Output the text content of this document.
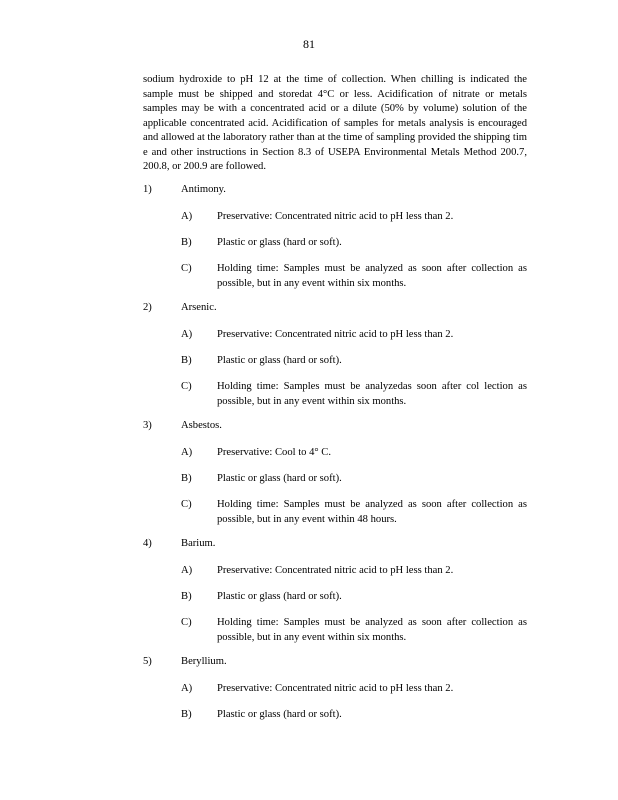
81

sodium hydroxide to pH 12 at the time of collection. When chilling is indicated the sample must be shipped and storedat 4°C or less. Acidification of nitrate or metals samples may be with a concentrated acid or a dilute (50% by volume) solution of the applicable concentrated acid. Acidification of samples for metals analysis is encouraged and allowed at the laboratory rather than at the time of sampling provided the shipping tim e and other instructions in Section 8.3 of USEPA Environmental Metals Method 200.7, 200.8, or 200.9 are followed.

1)	Antimony.
A) Preservative: Concentrated nitric acid to pH less than 2.
B) Plastic or glass (hard or soft).
C) Holding time: Samples must be analyzed as soon after collection as possible, but in any event within six months.
2)	Arsenic.
A) Preservative: Concentrated nitric acid to pH less than 2.
B) Plastic or glass (hard or soft).
C) Holding time: Samples must be analyzedas soon after col lection as possible, but in any event within six months.
3)	Asbestos.
A) Preservative: Cool to 4° C.
B) Plastic or glass (hard or soft).
C) Holding time: Samples must be analyzed as soon after collection as possible, but in any event within 48 hours.
4)	Barium.
A) Preservative: Concentrated nitric acid to pH less than 2.
B) Plastic or glass (hard or soft).
C) Holding time: Samples must be analyzed as soon after collection as possible, but in any event within six months.
5)	Beryllium.
A) Preservative: Concentrated nitric acid to pH less than 2.
B) Plastic or glass (hard or soft).
